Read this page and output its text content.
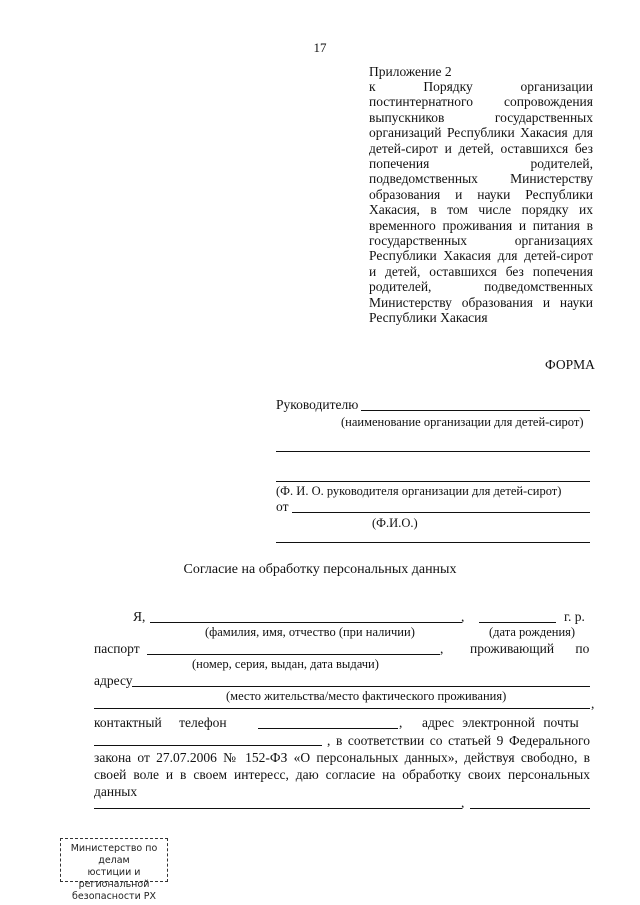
17
Приложение 2
к Порядку организации
постинтернатного сопровождения
выпускников государственных
организаций Республики Хакасия для
детей-сирот и детей, оставшихся без
попечения родителей,
подведомственных Министерству
образования и науки Республики
Хакасия, в том числе порядку их
временного проживания и питания в
государственных организациях
Республики Хакасия для детей-сирот
и детей, оставшихся без попечения
родителей, подведомственных
Министерству образования и науки
Республики Хакасия
ФОРМА
Руководителю
(наименование организации для детей-сирот)
(Ф. И. О. руководителя организации для детей-сирот)
от
(Ф.И.О.)
Согласие на обработку персональных данных
Я,	,	г. р.
(фамилия, имя, отчество (при наличии)	(дата рождения)
паспорт	, проживающий по
(номер, серия, выдан, дата выдачи)
адресу
(место жительства/место фактического проживания)	,
контактный телефон	, адрес электронной почты
, в соответствии со статьей 9 Федерального
закона от 27.07.2006 № 152-ФЗ «О персональных данных», действуя свободно, в
своей воле и в своем интересс, даю согласие на обработку своих персональных
данных
,
Министерство по делам
юстиции и региональной
безопасности РХ
